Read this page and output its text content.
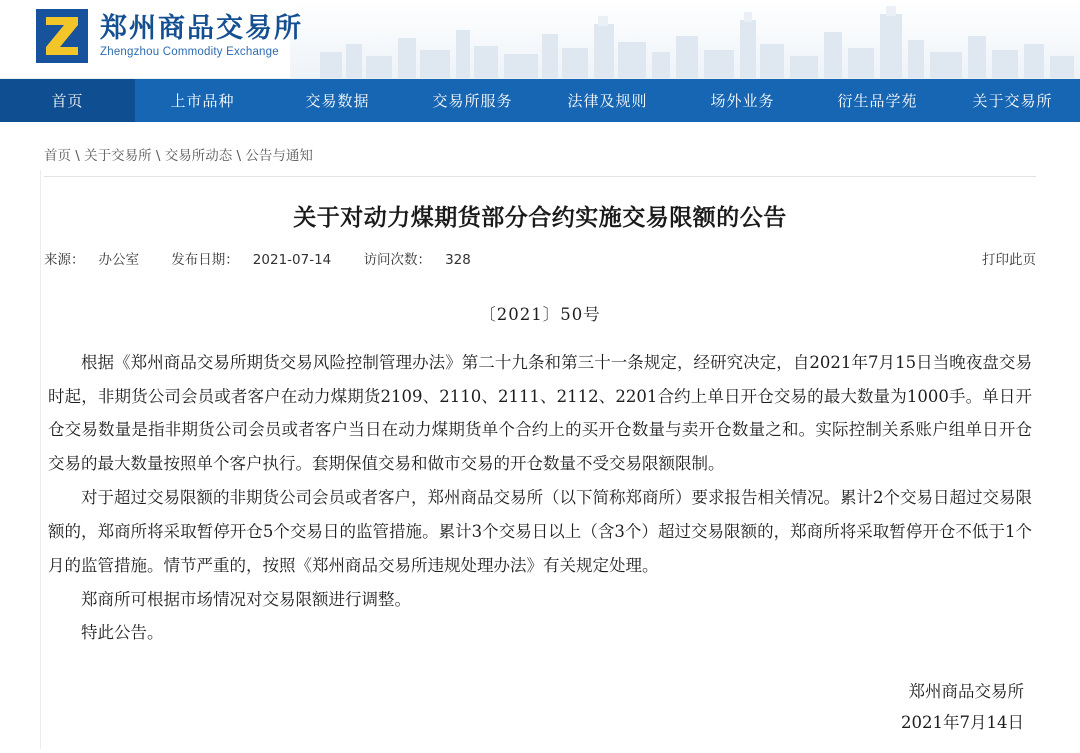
郑州商品交易所
Zhengzhou Commodity Exchange
首页	上市品种	交易数据	交易所服务	法律及规则	场外业务	衍生品学苑	关于交易所
首页 \ 关于交易所 \ 交易所动态 \ 公告与通知
关于对动力煤期货部分合约实施交易限额的公告
来源： 办公室 发布日期： 2021-07-14 访问次数： 328	打印此页
〔2021〕50号

根据《郑州商品交易所期货交易风险控制管理办法》第二十九条和第三十一条规定，经研究决定，自2021年7月15日当晚夜盘交易时起，非期货公司会员或者客户在动力煤期货2109、2110、2111、2112、2201合约上单日开仓交易的最大数量为1000手。单日开仓交易数量是指非期货公司会员或者客户当日在动力煤期货单个合约上的买开仓数量与卖开仓数量之和。实际控制关系账户组单日开仓交易的最大数量按照单个客户执行。套期保值交易和做市交易的开仓数量不受交易限额限制。

对于超过交易限额的非期货公司会员或者客户，郑州商品交易所（以下简称郑商所）要求报告相关情况。累计2个交易日超过交易限额的，郑商所将采取暂停开仓5个交易日的监管措施。累计3个交易日以上（含3个）超过交易限额的，郑商所将采取暂停开仓不低于1个月的监管措施。情节严重的，按照《郑州商品交易所违规处理办法》有关规定处理。

郑商所可根据市场情况对交易限额进行调整。

特此公告。

郑州商品交易所
2021年7月14日
